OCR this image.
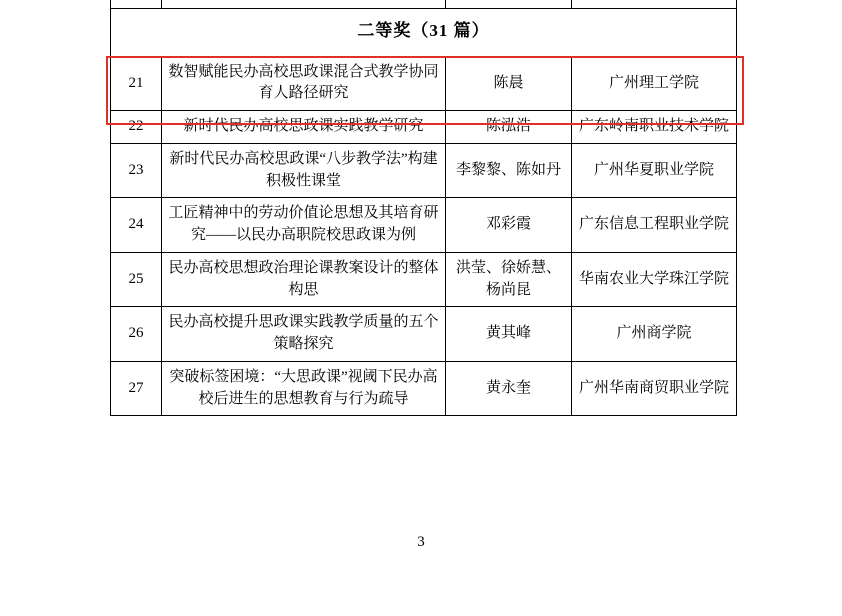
二等奖（31 篇）			
21	数智赋能民办高校思政课混合式教学协同育人路径研究	陈晨	广州理工学院
22	新时代民办高校思政课实践教学研究	陈泓浩	广东岭南职业技术学院
23	新时代民办高校思政课“八步教学法”构建积极性课堂	李黎黎、陈如丹	广州华夏职业学院
24	工匠精神中的劳动价值论思想及其培育研究——以民办高职院校思政课为例	邓彩霞	广东信息工程职业学院
25	民办高校思想政治理论课教案设计的整体构思	洪莹、徐娇慧、杨尚昆	华南农业大学珠江学院
26	民办高校提升思政课实践教学质量的五个策略探究	黄其峰	广州商学院
27	突破标签困境：“大思政课”视阈下民办高校后进生的思想教育与行为疏导	黄永奎	广州华南商贸职业学院
3
